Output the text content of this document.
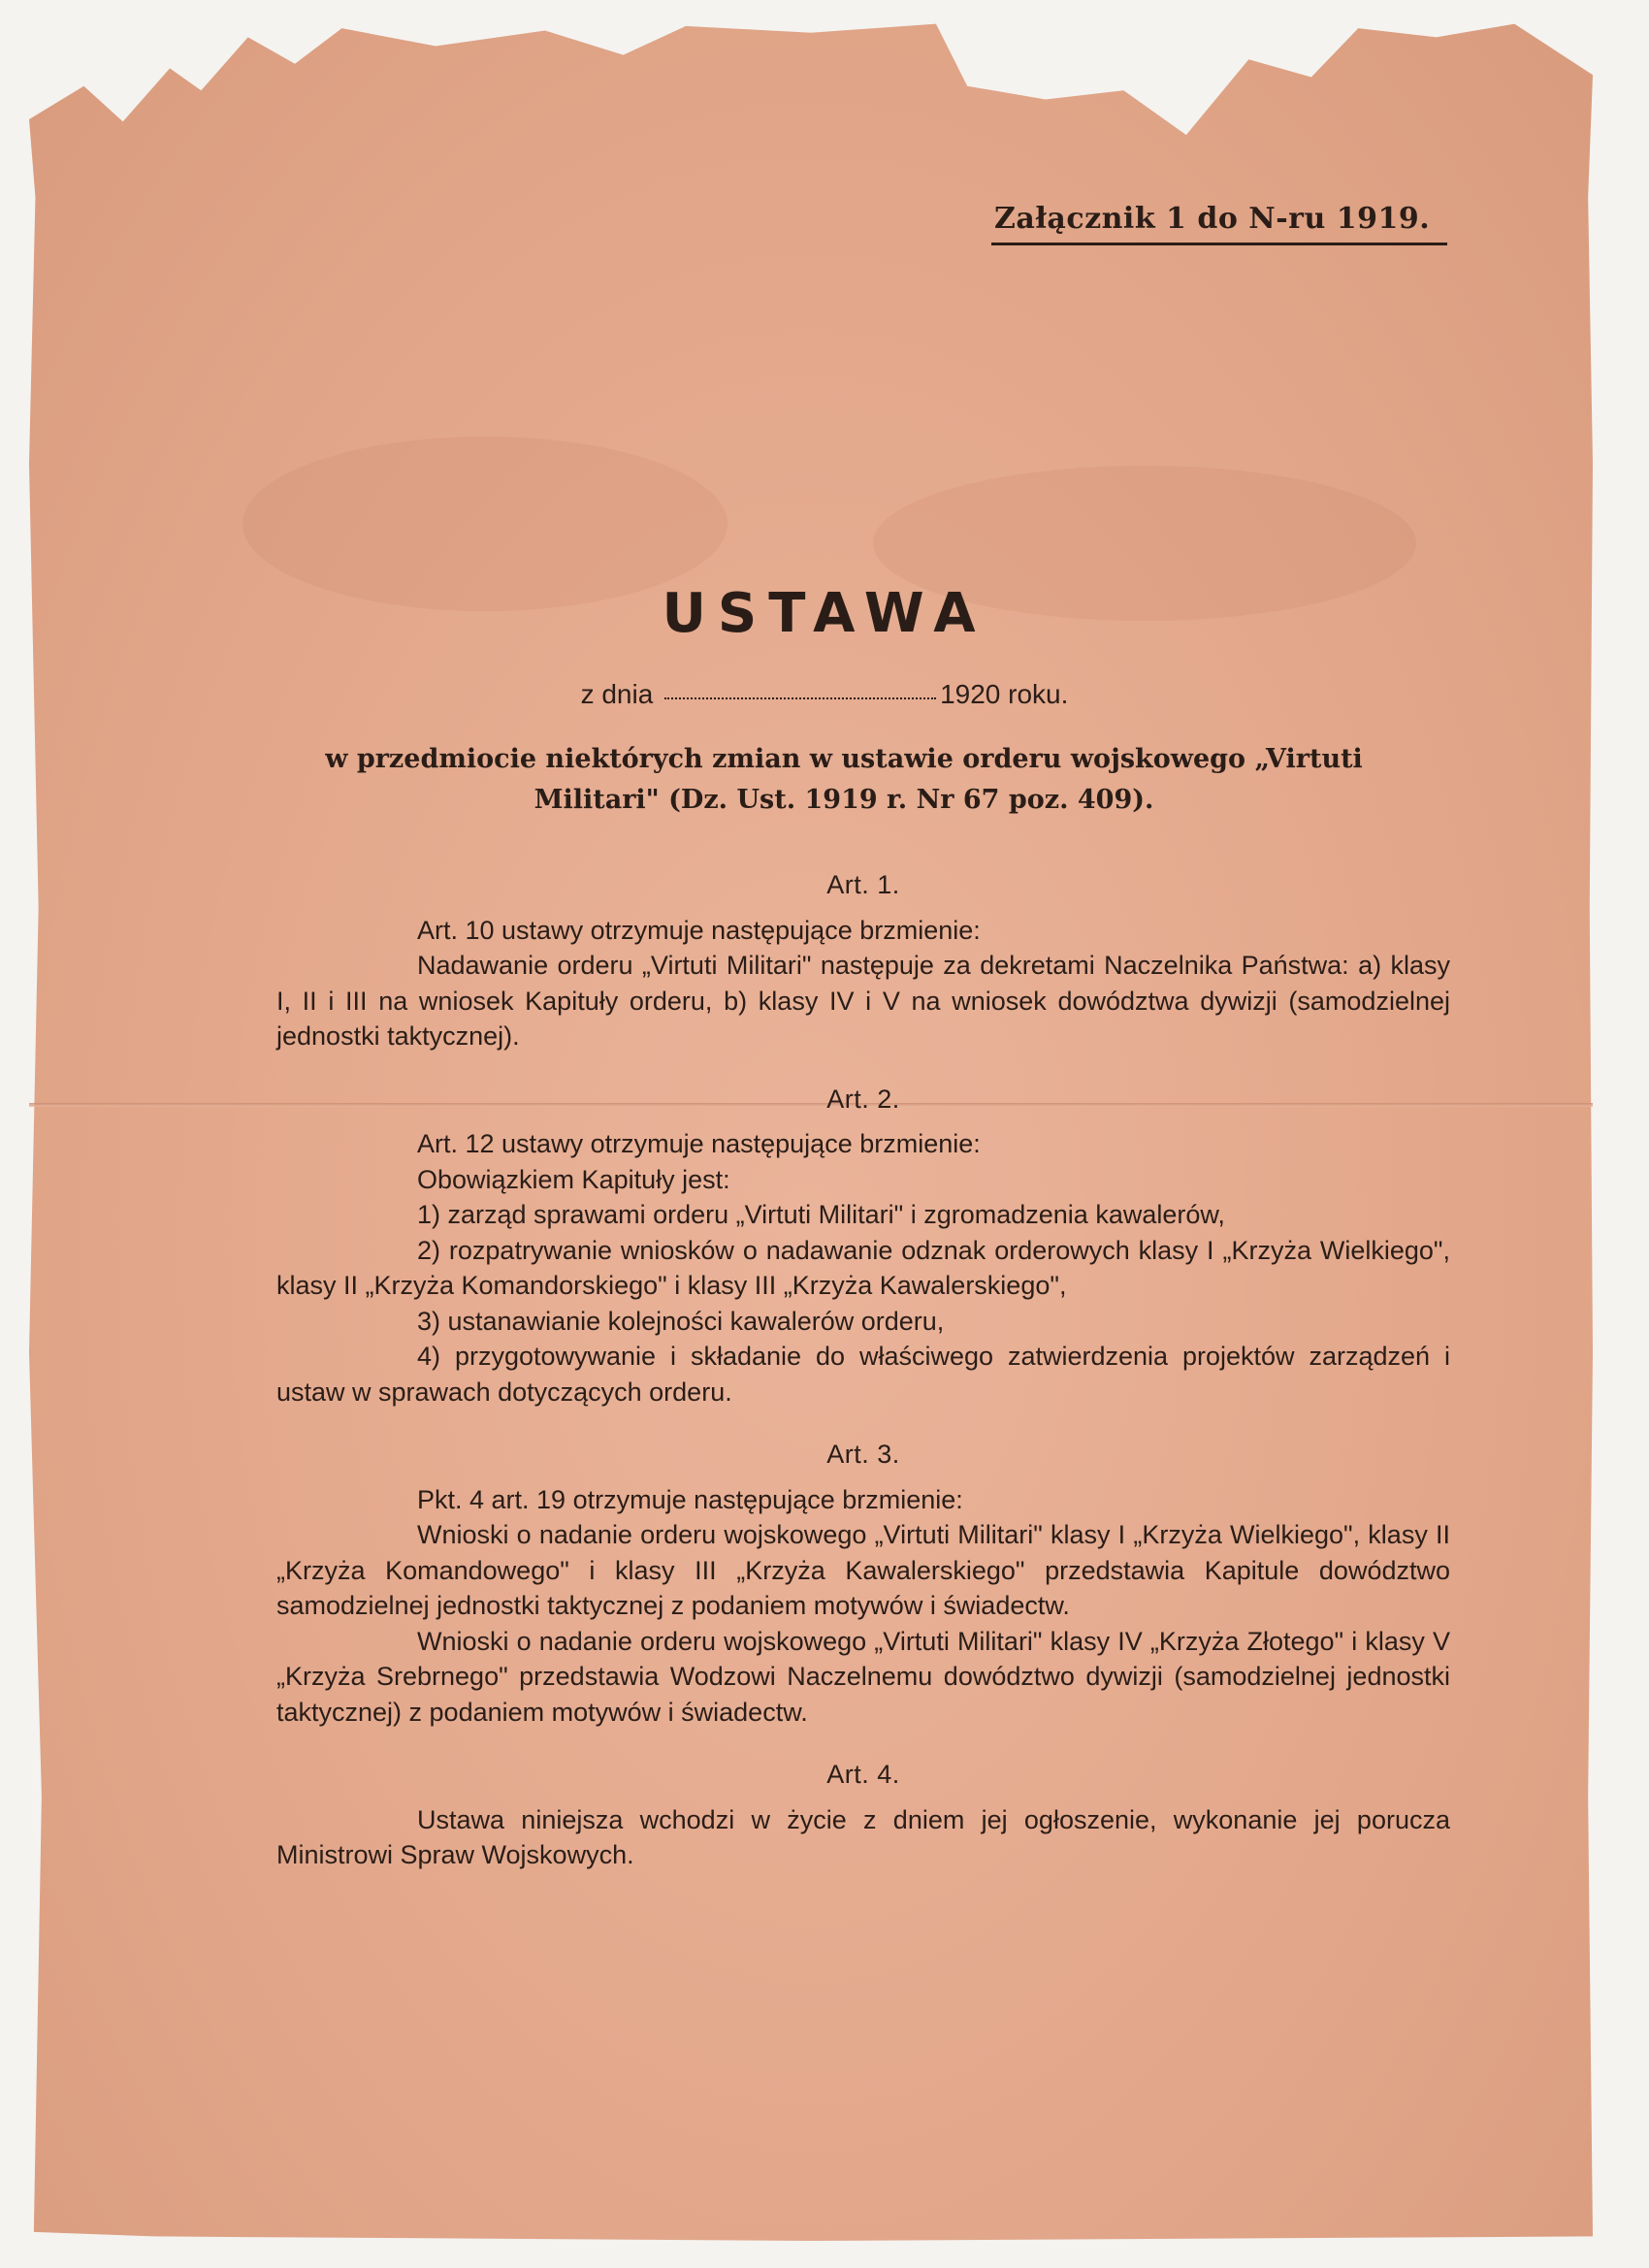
Załącznik 1 do N-ru 1919.
USTAWA
z dnia	1920 roku.
w przedmiocie niektórych zmian w ustawie orderu wojskowego „Virtuti Militari" (Dz. Ust. 1919 r. Nr 67 poz. 409).
Art. 1.

Art. 10 ustawy otrzymuje następujące brzmienie:

Nadawanie orderu „Virtuti Militari" następuje za dekretami Naczelnika Państwa: a) klasy I, II i III na wniosek Kapituły orderu, b) klasy IV i V na wniosek dowództwa dywizji (samodzielnej jednostki taktycznej).

Art. 2.

Art. 12 ustawy otrzymuje następujące brzmienie:

Obowiązkiem Kapituły jest:

1) zarząd sprawami orderu „Virtuti Militari" i zgromadzenia kawalerów,

2) rozpatrywanie wniosków o nadawanie odznak orderowych klasy I „Krzyża Wielkiego", klasy II „Krzyża Komandorskiego" i klasy III „Krzyża Kawalerskiego",

3) ustanawianie kolejności kawalerów orderu,

4) przygotowywanie i składanie do właściwego zatwierdzenia projektów zarządzeń i ustaw w sprawach dotyczących orderu.

Art. 3.

Pkt. 4 art. 19 otrzymuje następujące brzmienie:

Wnioski o nadanie orderu wojskowego „Virtuti Militari" klasy I „Krzyża Wielkiego", klasy II „Krzyża Komandowego" i klasy III „Krzyża Kawalerskiego" przedstawia Kapitule dowództwo samodzielnej jednostki taktycznej z podaniem motywów i świadectw.

Wnioski o nadanie orderu wojskowego „Virtuti Militari" klasy IV „Krzyża Złotego" i klasy V „Krzyża Srebrnego" przedstawia Wodzowi Naczelnemu dowództwo dywizji (samodzielnej jednostki taktycznej) z podaniem motywów i świadectw.

Art. 4.

Ustawa niniejsza wchodzi w życie z dniem jej ogłoszenie, wykonanie jej porucza Ministrowi Spraw Wojskowych.
